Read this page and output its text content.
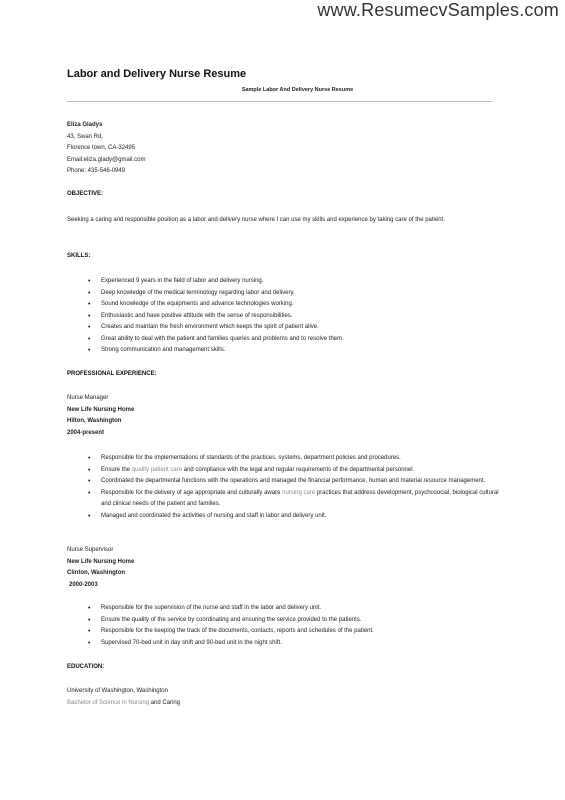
www.ResumecvSamples.com
Labor and Delivery Nurse Resume
Sample Labor And Delivery Nurse Resume
Eliza Gladys
43, Swan Rd,
Florence town, CA-32495
Email:eliza.glady@gmail.com
Phone: 435-546-0949
OBJECTIVE:
Seeking a caring and responsible position as a labor and delivery nurse where I can use my skills and experience by taking care of the patient.
SKILLS:
• Experienced 9 years in the field of labor and delivery nursing.
• Deep knowledge of the medical terminology regarding labor and delivery.
• Sound knowledge of the equipments and advance technologies working.
• Enthusiastic and have positive attitude with the sense of responsibilities.
• Creates and maintain the fresh environment which keeps the spirit of patient alive.
• Great ability to deal with the patient and families queries and problems and to resolve them.
• Strong communication and management skills.
PROFESSIONAL EXPERIENCE:
Nurse Manager
New Life Nursing Home
Hilton, Washington
2004-present
• Responsible for the implementations of standards of the practices, systems, department policies and procedures.
• Ensure the quality patient care and compliance with the legal and regular requirements of the departmental personnel.
• Coordinated the departmental functions with the operations and managed the financial performance, human and material resource management.
• Responsible for the delivery of age appropriate and culturally aware nursing care practices that address development, psychosocial, biological cultural and clinical needs of the patient and families.
• Managed and coordinated the activities of nursing and staff in labor and delivery unit.
Nurse Supervisor
New Life Nursing Home
Clinton, Washington
2000-2003
• Responsible for the supervision of the nurse and staff in the labor and delivery unit.
• Ensure the quality of the service by coordinating and ensuring the service provided to the patients.
• Responsible for the keeping the track of the documents, contacts, reports and schedules of the patient.
• Supervised 70-bed unit in day shift and 90-bed unit in the night shift.
EDUCATION:
University of Washington, Washington
Bachelor of Science in Nursing and Caring
